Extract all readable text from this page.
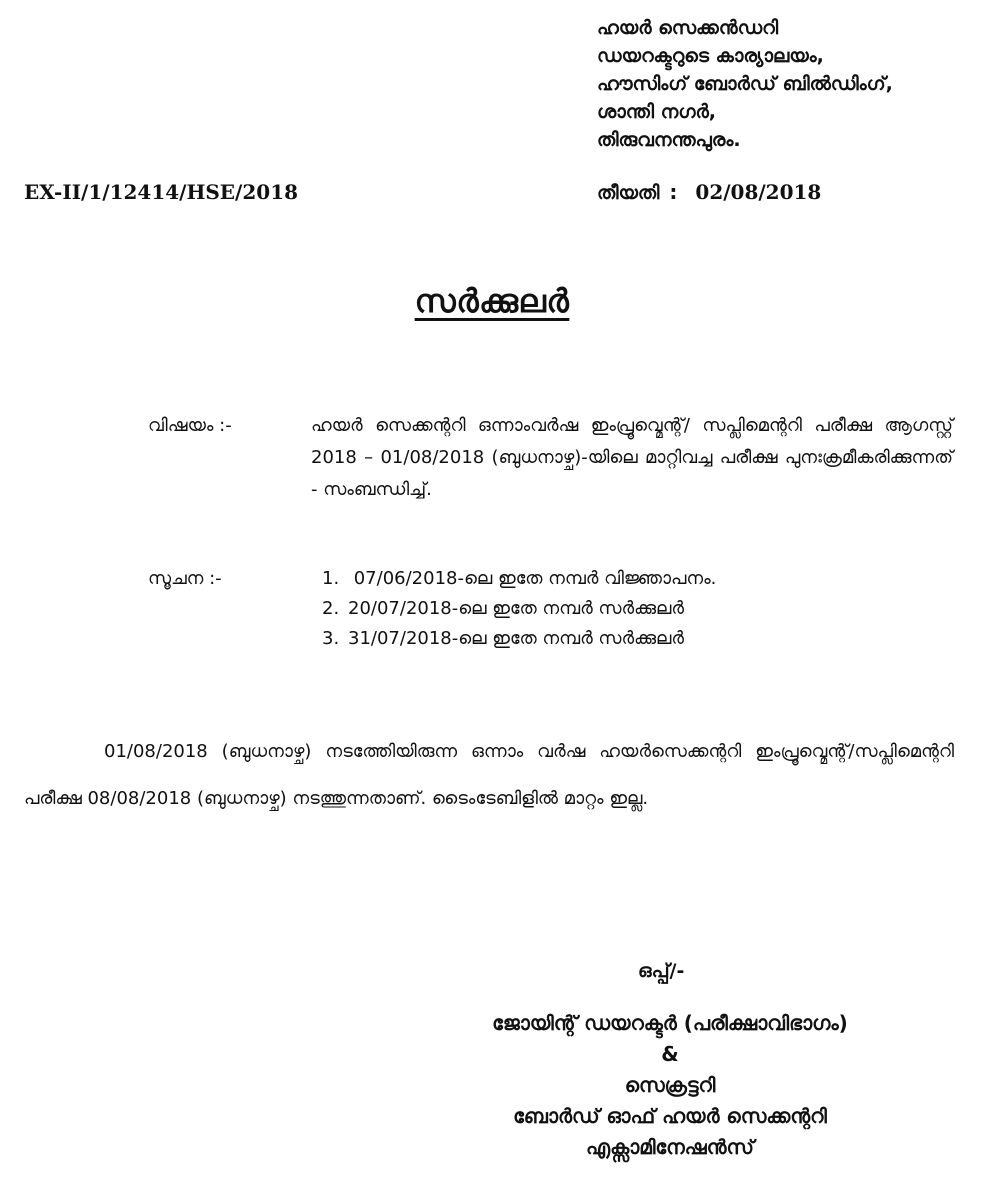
ഹയർ സെക്കൻഡറി
ഡയറക്ടറുടെ കാര്യാലയം,
ഹൗസിംഗ് ബോർഡ് ബിൽഡിംഗ്,
ശാന്തി നഗർ,
തിരുവനന്തപുരം.
EX-II/1/12414/HSE/2018	തീയതി : 02/08/2018
സർക്കുലർ
വിഷയം :-	ഹയർ സെക്കന്ററി ഒന്നാംവർഷ ഇംപ്രൂവ്മെന്റ്/ സപ്ലിമെന്ററി പരീക്ഷ ആഗസ്റ്റ് 2018 – 01/08/2018 (ബുധനാഴ്ച)-യിലെ മാറ്റിവച്ച പരീക്ഷ പുനഃക്രമീകരിക്കുന്നത് - സംബന്ധിച്ച്.
സൂചന :-	1. 07/06/2018-ലെ ഇതേ നമ്പർ വിജ്ഞാപനം.
2. 20/07/2018-ലെ ഇതേ നമ്പർ സർക്കുലർ
3. 31/07/2018-ലെ ഇതേ നമ്പർ സർക്കുലർ
01/08/2018 (ബുധനാഴ്ച) നടത്തേിയിരുന്ന ഒന്നാം വർഷ ഹയർസെക്കന്ററി ഇംപ്രൂവ്മെന്റ്/സപ്ലിമെന്ററി പരീക്ഷ 08/08/2018 (ബുധനാഴ്ച) നടത്തുന്നതാണ്. ടൈംടേബിളിൽ മാറ്റം ഇല്ല.
ഒപ്പ്/-
ജോയിന്റ് ഡയറക്ടർ (പരീക്ഷാവിഭാഗം)
&
സെക്രട്ടറി
ബോർഡ് ഓഫ് ഹയർ സെക്കന്ററി
എക്സാമിനേഷൻസ്
